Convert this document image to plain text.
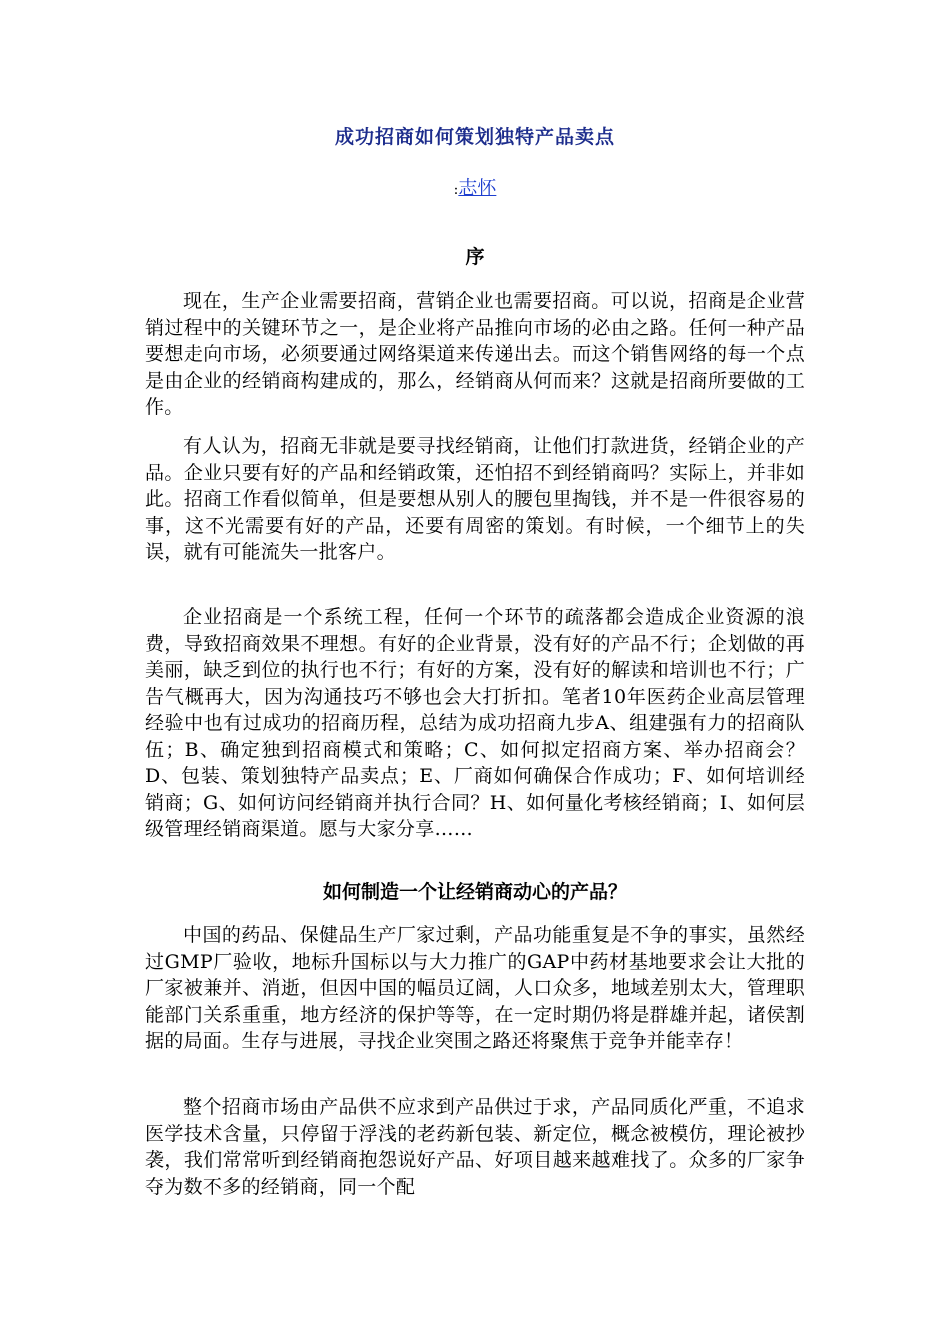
成功招商如何策划独特产品卖点
:志怀
序

现在，生产企业需要招商，营销企业也需要招商。可以说，招商是企业营销过程中的关键环节之一，是企业将产品推向市场的必由之路。任何一种产品要想走向市场，必须要通过网络渠道来传递出去。而这个销售网络的每一个点是由企业的经销商构建成的，那么，经销商从何而来？这就是招商所要做的工作。

有人认为，招商无非就是要寻找经销商，让他们打款进货，经销企业的产品。企业只要有好的产品和经销政策，还怕招不到经销商吗？实际上，并非如此。招商工作看似简单，但是要想从别人的腰包里掏钱，并不是一件很容易的事，这不光需要有好的产品，还要有周密的策划。有时候，一个细节上的失误，就有可能流失一批客户。

企业招商是一个系统工程，任何一个环节的疏落都会造成企业资源的浪费，导致招商效果不理想。有好的企业背景，没有好的产品不行；企划做的再美丽，缺乏到位的执行也不行；有好的方案，没有好的解读和培训也不行；广告气概再大，因为沟通技巧不够也会大打折扣。笔者10年医药企业高层管理经验中也有过成功的招商历程，总结为成功招商九步A、组建强有力的招商队伍；B、确定独到招商模式和策略；C、如何拟定招商方案、举办招商会？D、包装、策划独特产品卖点；E、厂商如何确保合作成功；F、如何培训经销商；G、如何访问经销商并执行合同？H、如何量化考核经销商；I、如何层级管理经销商渠道。愿与大家分享……

如何制造一个让经销商动心的产品？

中国的药品、保健品生产厂家过剩，产品功能重复是不争的事实，虽然经过GMP厂验收，地标升国标以与大力推广的GAP中药材基地要求会让大批的厂家被兼并、消逝，但因中国的幅员辽阔，人口众多，地域差别太大，管理职能部门关系重重，地方经济的保护等等，在一定时期仍将是群雄并起，诸侯割据的局面。生存与进展，寻找企业突围之路还将聚焦于竞争并能幸存！

整个招商市场由产品供不应求到产品供过于求，产品同质化严重，不追求医学技术含量，只停留于浮浅的老药新包装、新定位，概念被模仿，理论被抄袭，我们常常听到经销商抱怨说好产品、好项目越来越难找了。众多的厂家争夺为数不多的经销商，同一个配
